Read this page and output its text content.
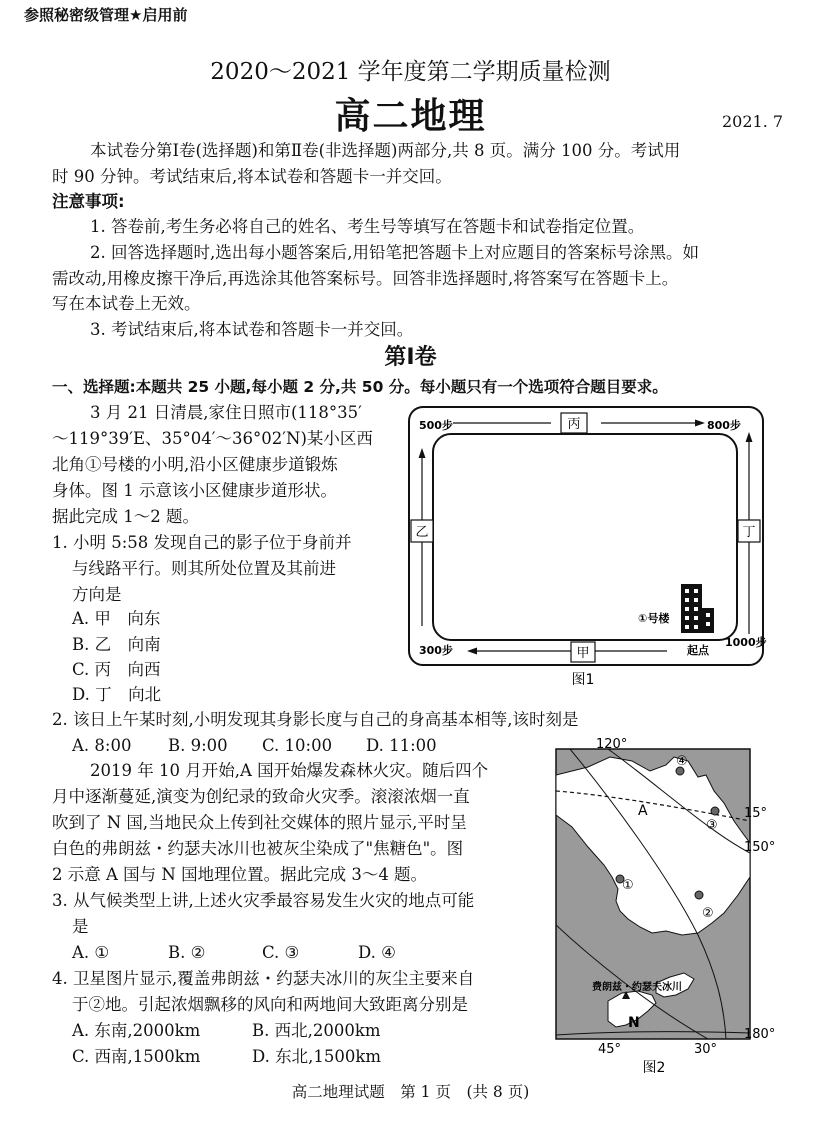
参照秘密级管理★启用前
2020～2021 学年度第二学期质量检测
高二地理	2021. 7
本试卷分第Ⅰ卷(选择题)和第Ⅱ卷(非选择题)两部分,共 8 页。满分 100 分。考试用
时 90 分钟。考试结束后,将本试卷和答题卡一并交回。
注意事项:
1. 答卷前,考生务必将自己的姓名、考生号等填写在答题卡和试卷指定位置。
2. 回答选择题时,选出每小题答案后,用铅笔把答题卡上对应题目的答案标号涂黑。如
需改动,用橡皮擦干净后,再选涂其他答案标号。回答非选择题时,将答案写在答题卡上。
写在本试卷上无效。
3. 考试结束后,将本试卷和答题卡一并交回。
第Ⅰ卷
一、选择题:本题共 25 小题,每小题 2 分,共 50 分。每小题只有一个选项符合题目要求。
3 月 21 日清晨,家住日照市(118°35′
～119°39′E、35°04′～36°02′N)某小区西
北角①号楼的小明,沿小区健康步道锻炼
身体。图 1 示意该小区健康步道形状。
据此完成 1～2 题。
1. 小明 5:58 发现自己的影子位于身前并
与线路平行。则其所处位置及其前进
方向是
A. 甲　向东
B. 乙　向南
C. 丙　向西
D. 丁　向北
2. 该日上午某时刻,小明发现其身影长度与自己的身高基本相等,该时刻是
A. 8:00 B. 9:00 C. 10:00 D. 11:00
丙
甲
乙	丁
500步	800步
300步
1000步
起点
①号楼
图1
2019 年 10 月开始,A 国开始爆发森林火灾。随后四个
月中逐渐蔓延,演变为创纪录的致命火灾季。滚滚浓烟一直
吹到了 N 国,当地民众上传到社交媒体的照片显示,平时呈
白色的弗朗兹・约瑟夫冰川也被灰尘染成了"焦糖色"。图
2 示意 A 国与 N 国地理位置。据此完成 3～4 题。
3. 从气候类型上讲,上述火灾季最容易发生火灾的地点可能
是
A. ①	B. ②	C. ③	D. ④
4. 卫星图片显示,覆盖弗朗兹・约瑟夫冰川的灰尘主要来自
于②地。引起浓烟飘移的风向和两地间大致距离分别是
A. 东南,2000km	B. 西北,2000km
C. 西南,1500km	D. 东北,1500km
①
②
③
④
A
N
费朗兹・约瑟夫冰川
120°
15°
150°
180°
45°	30°
图2
高二地理试题　第 1 页　(共 8 页)
